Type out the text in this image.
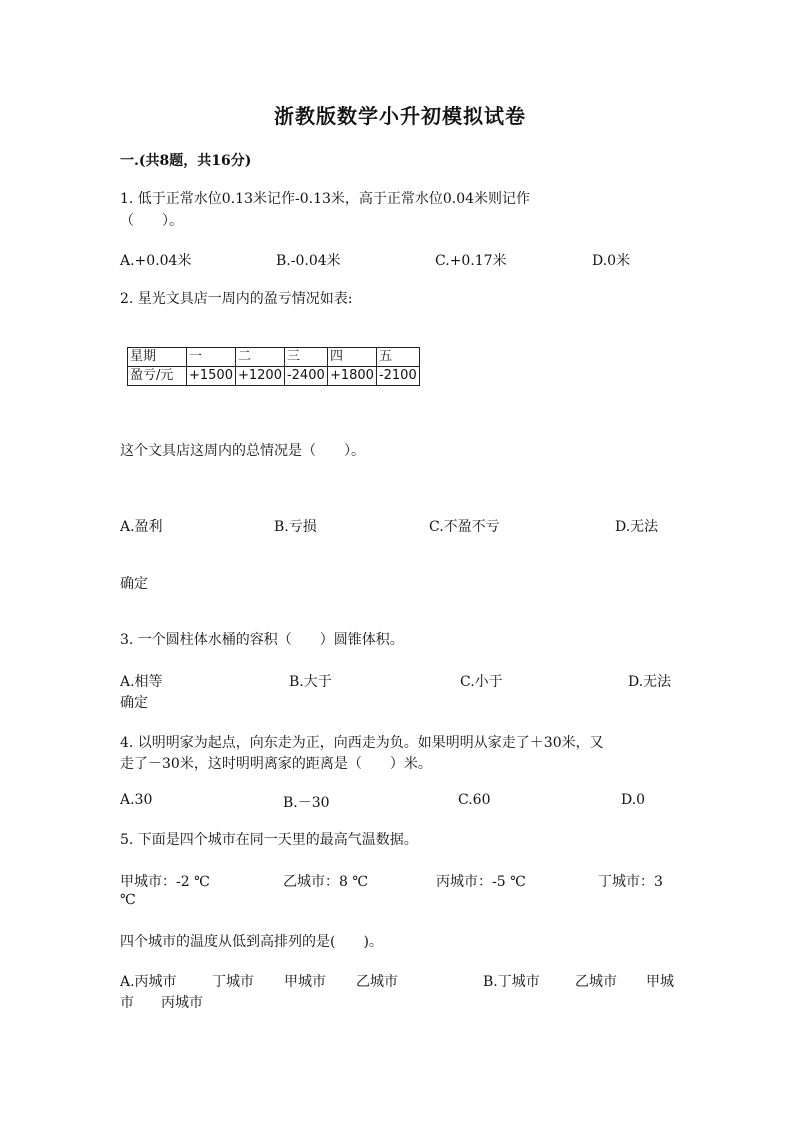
浙教版数学小升初模拟试卷
一.(共8题，共16分)
1. 低于正常水位0.13米记作-0.13米，高于正常水位0.04米则记作
（　　）。
A.+0.04米	B.-0.04米	C.+0.17米	D.0米
2. 星光文具店一周内的盈亏情况如表:
星期	一	二	三	四	五
盈亏/元	+1500	+1200	-2400	+1800	-2100
这个文具店这周内的总情况是（　　）。
A.盈利	B.亏损	C.不盈不亏	D.无法
确定
3. 一个圆柱体水桶的容积（　　）圆锥体积。
A.相等	B.大于	C.小于	D.无法
确定
4. 以明明家为起点，向东走为正，向西走为负。如果明明从家走了＋30米，又
走了－30米，这时明明离家的距离是（　　）米。
A.30	B.－30	C.60	D.0
5. 下面是四个城市在同一天里的最高气温数据。
甲城市：-2 ℃	乙城市：8 ℃	丙城市：-5 ℃	丁城市：3
℃
四个城市的温度从低到高排列的是(　　)。
A.丙城市	丁城市 甲城市 乙城市	B.丁城市	乙城市 甲城
市 丙城市
